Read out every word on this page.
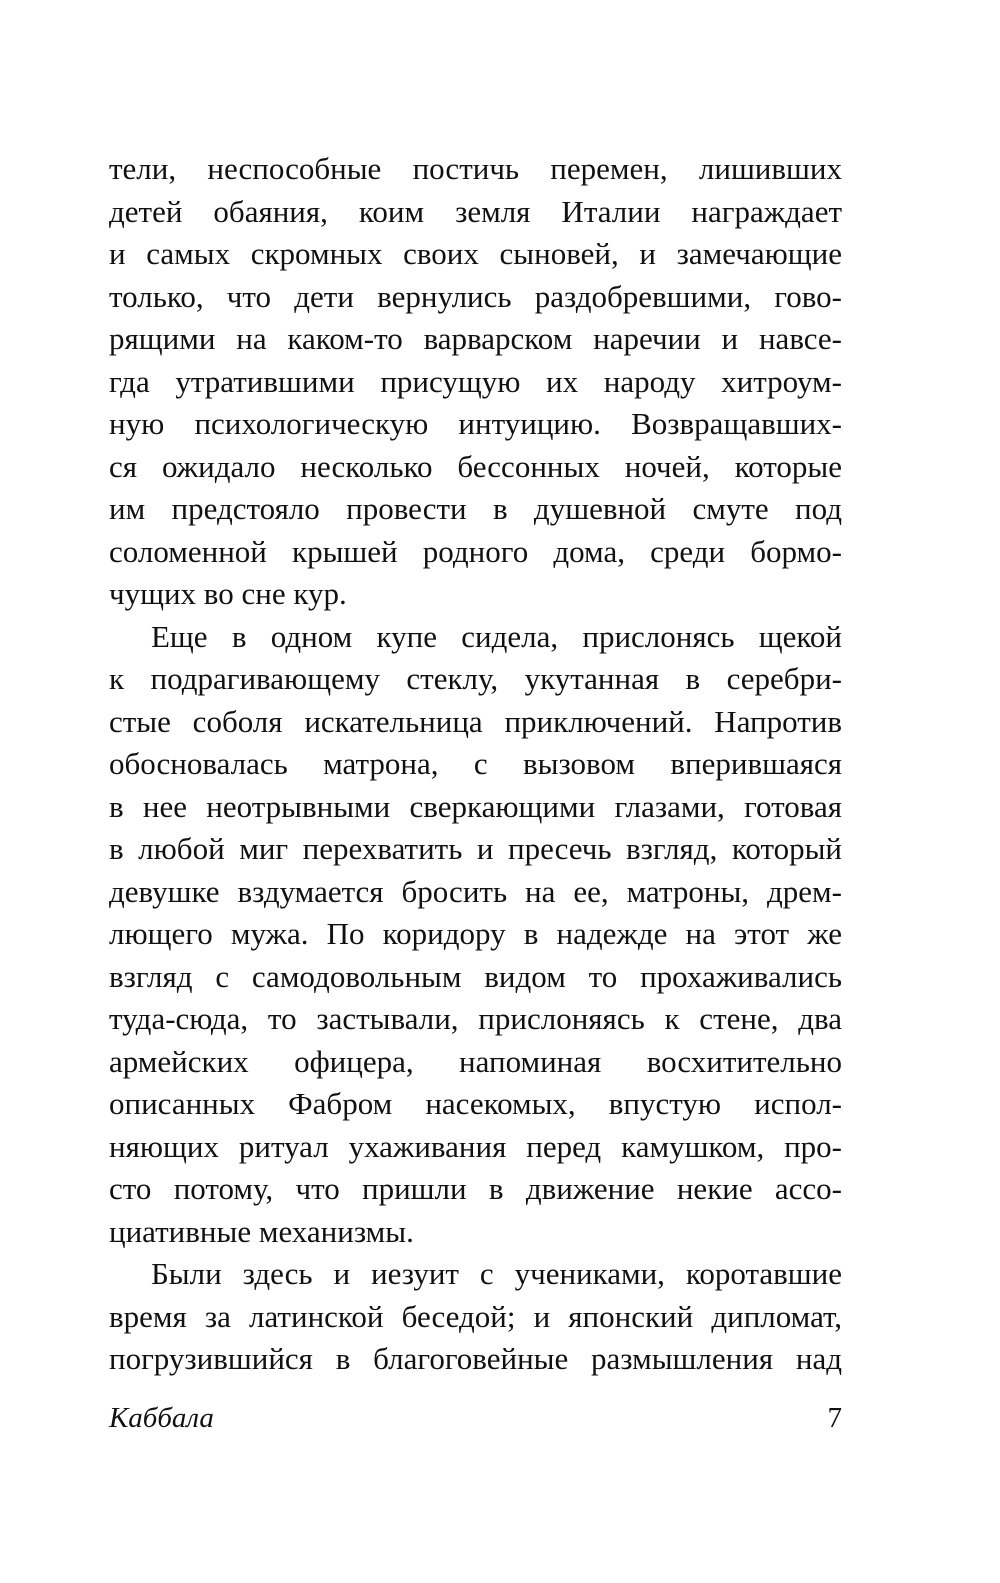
тели, неспособные постичь перемен, лишивших
детей обаяния, коим земля Италии награждает
и самых скромных своих сыновей, и замечающие
только, что дети вернулись раздобревшими, гово-
рящими на каком-то варварском наречии и навсе-
гда утратившими присущую их народу хитроум-
ную психологическую интуицию. Возвращавших-
ся ожидало несколько бессонных ночей, которые
им предстояло провести в душевной смуте под
соломенной крышей родного дома, среди бормо-
чущих во сне кур.
Еще в одном купе сидела, прислонясь щекой
к подрагивающему стеклу, укутанная в серебри-
стые соболя искательница приключений. Напротив
обосновалась матрона, с вызовом вперившаяся
в нее неотрывными сверкающими глазами, готовая
в любой миг перехватить и пресечь взгляд, который
девушке вздумается бросить на ее, матроны, дрем-
лющего мужа. По коридору в надежде на этот же
взгляд с самодовольным видом то прохаживались
туда-сюда, то застывали, прислоняясь к стене, два
армейских офицера, напоминая восхитительно
описанных Фабром насекомых, впустую испол-
няющих ритуал ухаживания перед камушком, про-
сто потому, что пришли в движение некие ассо-
циативные механизмы.
Были здесь и иезуит с учениками, коротавшие
время за латинской беседой; и японский дипломат,
погрузившийся в благоговейные размышления над
Каббала	7
